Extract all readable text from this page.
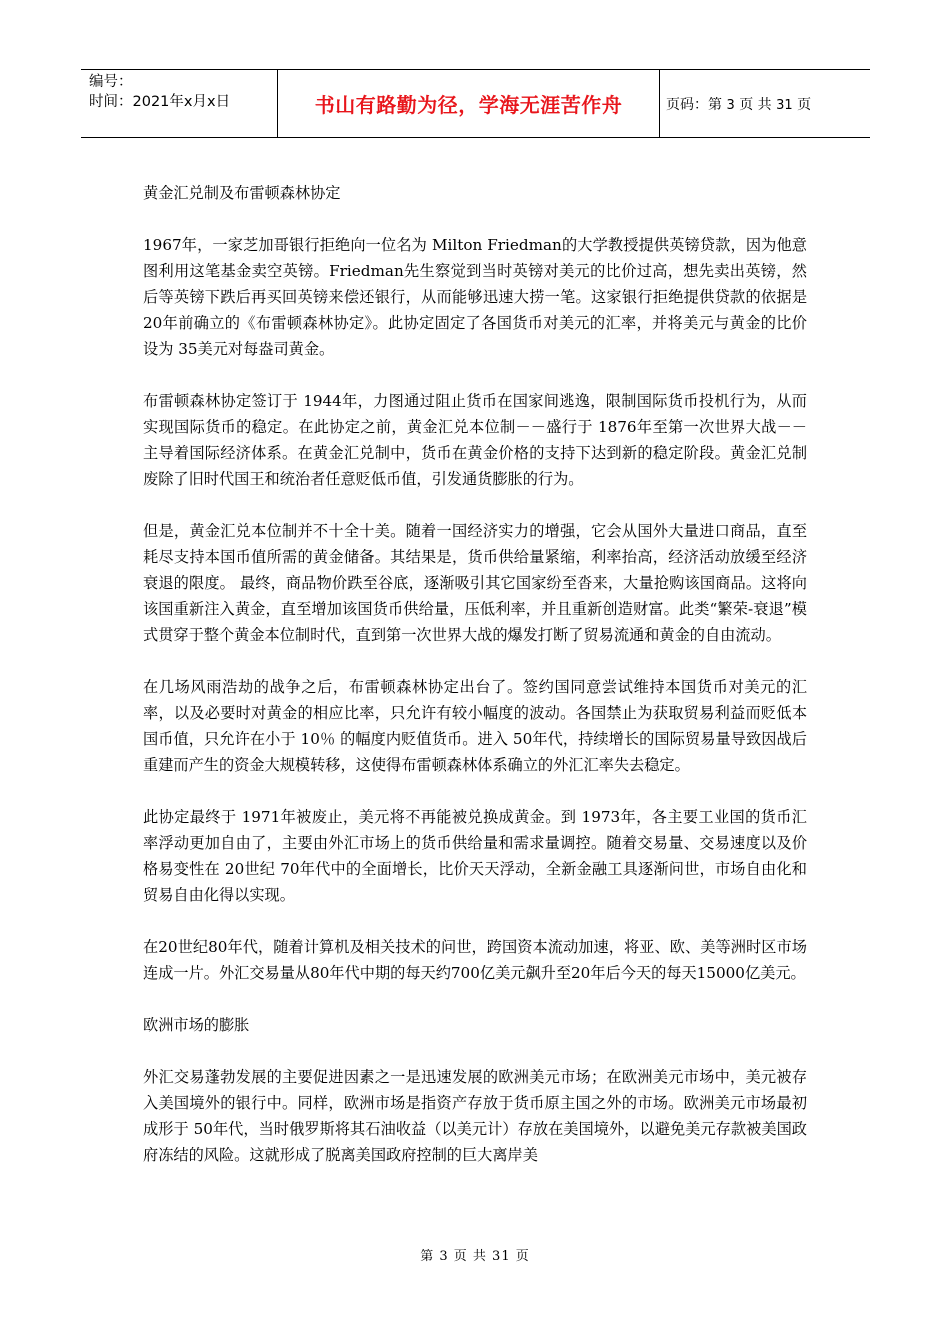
编号：
时间：2021年x月x日	书山有路勤为径，学海无涯苦作舟	页码：第 3 页 共 31 页

黄金汇兑制及布雷顿森林协定

1967年，一家芝加哥银行拒绝向一位名为 Milton Friedman的大学教授提供英镑贷款，因为他意图利用这笔基金卖空英镑。Friedman先生察觉到当时英镑对美元的比价过高，想先卖出英镑，然后等英镑下跌后再买回英镑来偿还银行，从而能够迅速大捞一笔。这家银行拒绝提供贷款的依据是 20年前确立的《布雷顿森林协定》。此协定固定了各国货币对美元的汇率，并将美元与黄金的比价设为 35美元对每盎司黄金。

布雷顿森林协定签订于 1944年，力图通过阻止货币在国家间逃逸，限制国际货币投机行为，从而实现国际货币的稳定。在此协定之前，黄金汇兑本位制－－盛行于 1876年至第一次世界大战－－主导着国际经济体系。在黄金汇兑制中，货币在黄金价格的支持下达到新的稳定阶段。黄金汇兑制废除了旧时代国王和统治者任意贬低币值，引发通货膨胀的行为。

但是，黄金汇兑本位制并不十全十美。随着一国经济实力的增强，它会从国外大量进口商品，直至耗尽支持本国币值所需的黄金储备。其结果是，货币供给量紧缩，利率抬高，经济活动放缓至经济衰退的限度。 最终，商品物价跌至谷底，逐渐吸引其它国家纷至沓来，大量抢购该国商品。这将向该国重新注入黄金，直至增加该国货币供给量，压低利率，并且重新创造财富。此类“繁荣-衰退”模式贯穿于整个黄金本位制时代，直到第一次世界大战的爆发打断了贸易流通和黄金的自由流动。

在几场风雨浩劫的战争之后，布雷顿森林协定出台了。签约国同意尝试维持本国货币对美元的汇率，以及必要时对黄金的相应比率，只允许有较小幅度的波动。各国禁止为获取贸易利益而贬低本国币值，只允许在小于 10％ 的幅度内贬值货币。进入 50年代，持续增长的国际贸易量导致因战后重建而产生的资金大规模转移，这使得布雷顿森林体系确立的外汇汇率失去稳定。

此协定最终于 1971年被废止，美元将不再能被兑换成黄金。到 1973年，各主要工业国的货币汇率浮动更加自由了，主要由外汇市场上的货币供给量和需求量调控。随着交易量、交易速度以及价格易变性在 20世纪 70年代中的全面增长，比价天天浮动，全新金融工具逐渐问世，市场自由化和贸易自由化得以实现。

在20世纪80年代，随着计算机及相关技术的问世，跨国资本流动加速，将亚、欧、美等洲时区市场连成一片。外汇交易量从80年代中期的每天约700亿美元飙升至20年后今天的每天15000亿美元。

欧洲市场的膨胀

外汇交易蓬勃发展的主要促进因素之一是迅速发展的欧洲美元市场；在欧洲美元市场中，美元被存入美国境外的银行中。同样，欧洲市场是指资产存放于货币原主国之外的市场。欧洲美元市场最初成形于 50年代，当时俄罗斯将其石油收益（以美元计）存放在美国境外，以避免美元存款被美国政府冻结的风险。这就形成了脱离美国政府控制的巨大离岸美

第 3 页 共 31 页
